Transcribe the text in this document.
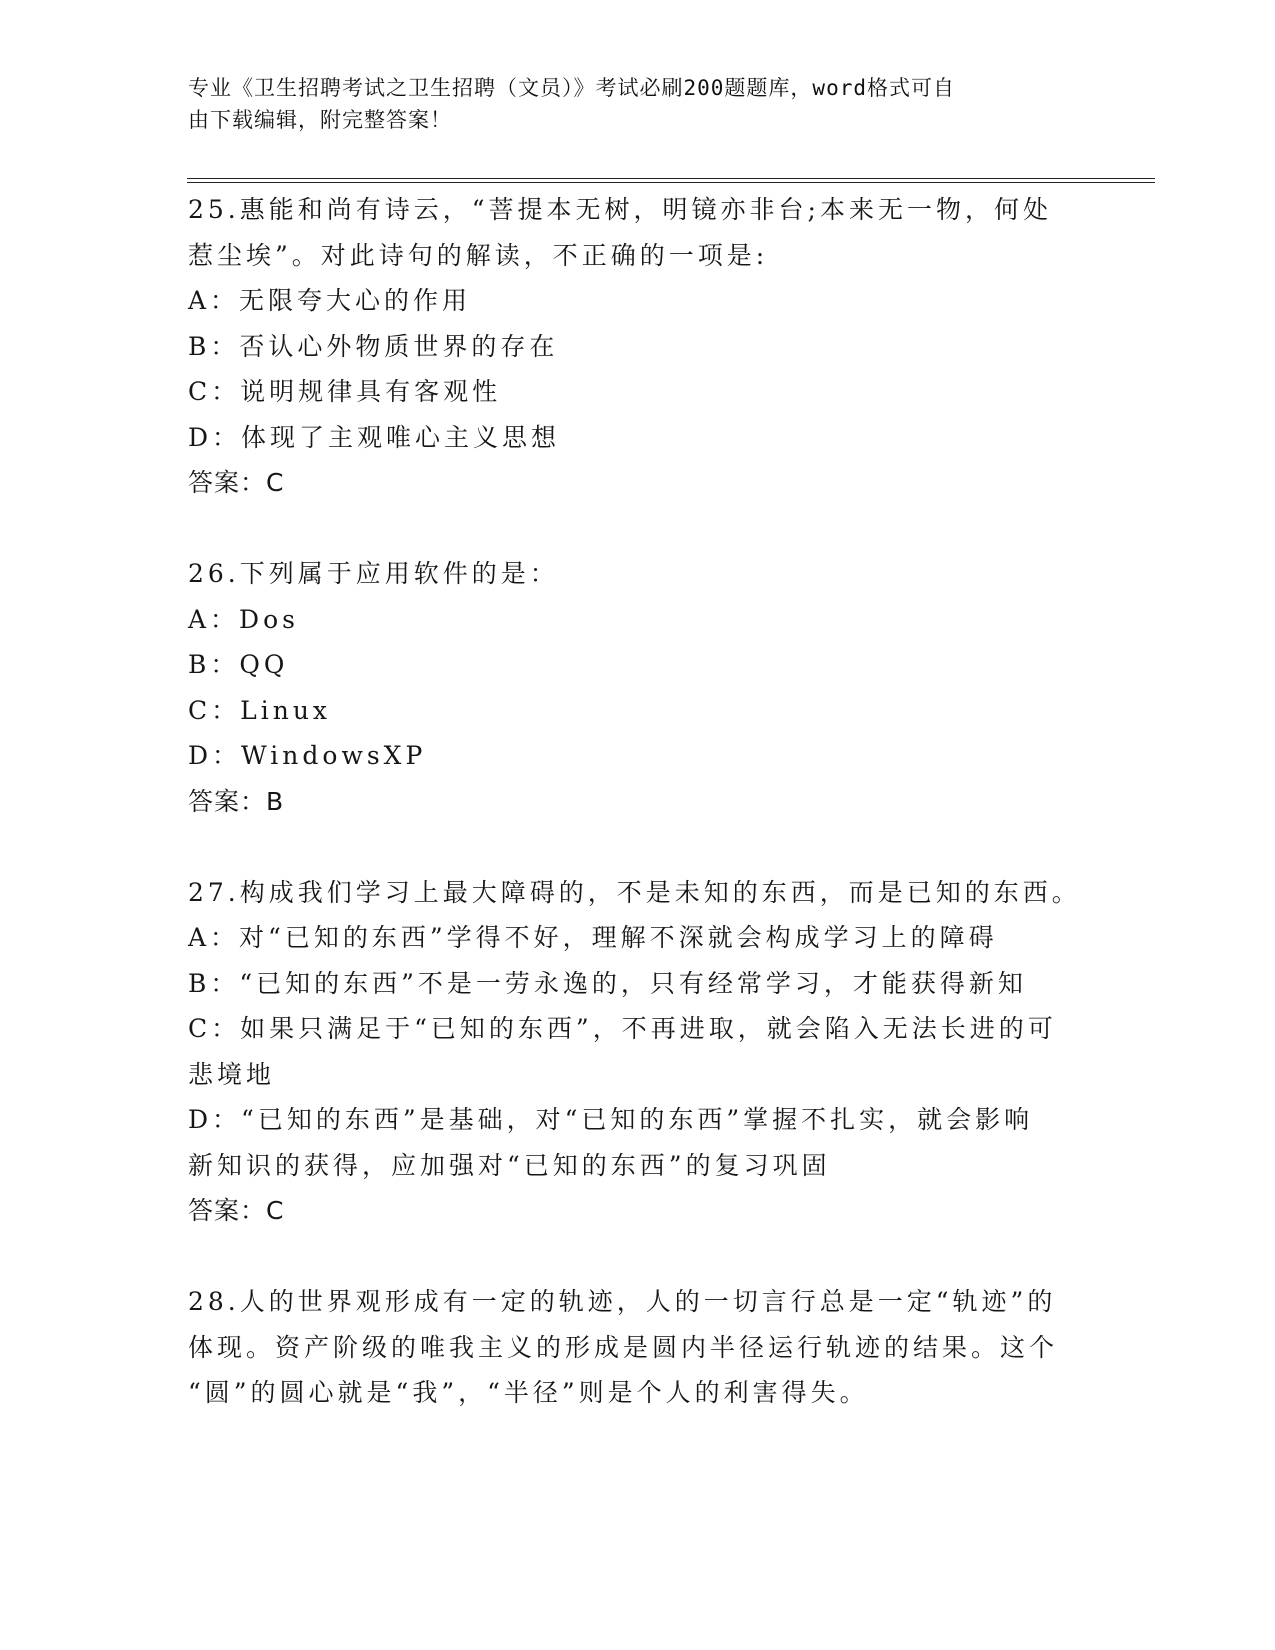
专业《卫生招聘考试之卫生招聘（文员）》考试必刷200题题库，word格式可自
由下载编辑，附完整答案！
25.惠能和尚有诗云，“菩提本无树，明镜亦非台;本来无一物，何处
惹尘埃”。对此诗句的解读，不正确的一项是:
A：无限夸大心的作用
B：否认心外物质世界的存在
C：说明规律具有客观性
D：体现了主观唯心主义思想
答案：C
26.下列属于应用软件的是：
A：Dos
B：QQ
C：Linux
D：WindowsXP
答案：B
27.构成我们学习上最大障碍的，不是未知的东西，而是已知的东西。
A：对“已知的东西”学得不好，理解不深就会构成学习上的障碍
B：“已知的东西”不是一劳永逸的，只有经常学习，才能获得新知
C：如果只满足于“已知的东西”，不再进取，就会陷入无法长进的可
悲境地
D：“已知的东西”是基础，对“已知的东西”掌握不扎实，就会影响
新知识的获得，应加强对“已知的东西”的复习巩固
答案：C
28.人的世界观形成有一定的轨迹，人的一切言行总是一定“轨迹”的
体现。资产阶级的唯我主义的形成是圆内半径运行轨迹的结果。这个
“圆”的圆心就是“我”，“半径”则是个人的利害得失。
